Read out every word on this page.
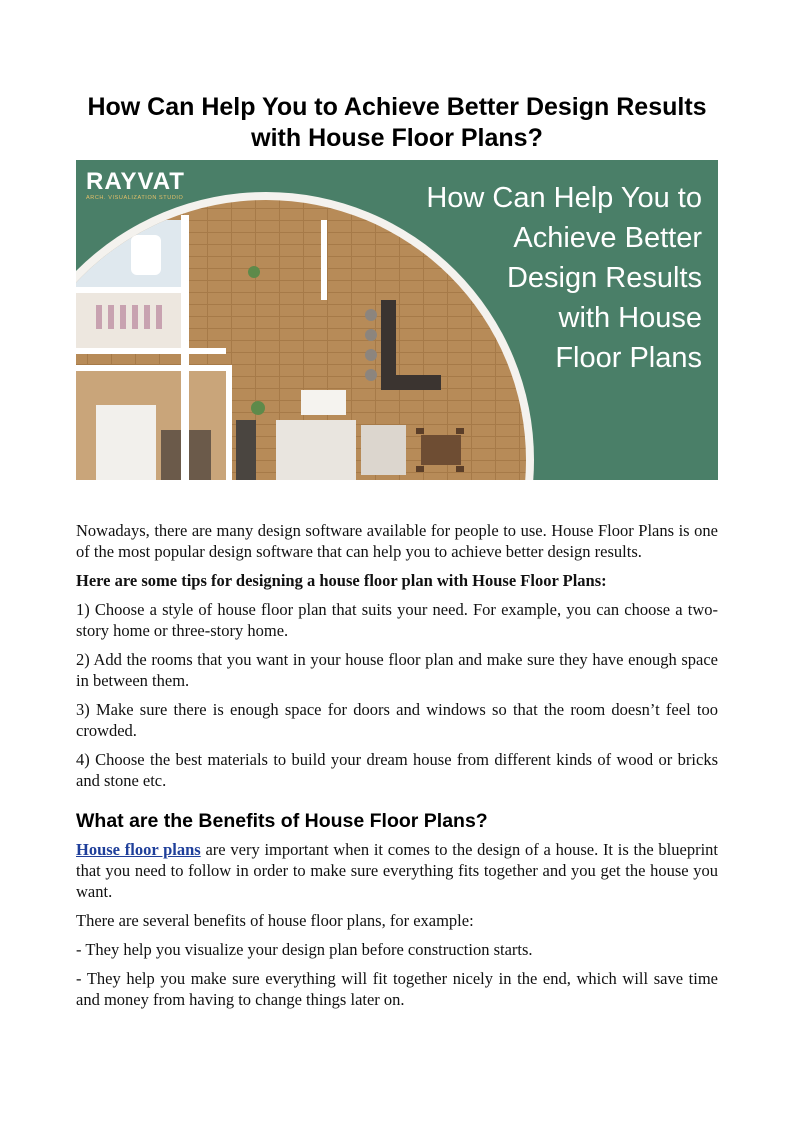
How Can Help You to Achieve Better Design Results with House Floor Plans?
RAYVAT
ARCH. VISUALIZATION STUDIO	How Can Help You to
Achieve Better
Design Results
with House
Floor Plans

Nowadays, there are many design software available for people to use. House Floor Plans is one of the most popular design software that can help you to achieve better design results.

Here are some tips for designing a house floor plan with House Floor Plans:

1) Choose a style of house floor plan that suits your need. For example, you can choose a two-story home or three-story home.

2) Add the rooms that you want in your house floor plan and make sure they have enough space in between them.

3) Make sure there is enough space for doors and windows so that the room doesn’t feel too crowded.

4) Choose the best materials to build your dream house from different kinds of wood or bricks and stone etc.

What are the Benefits of House Floor Plans?

House floor plans are very important when it comes to the design of a house. It is the blueprint that you need to follow in order to make sure everything fits together and you get the house you want.

There are several benefits of house floor plans, for example:

- They help you visualize your design plan before construction starts.

- They help you make sure everything will fit together nicely in the end, which will save time and money from having to change things later on.
